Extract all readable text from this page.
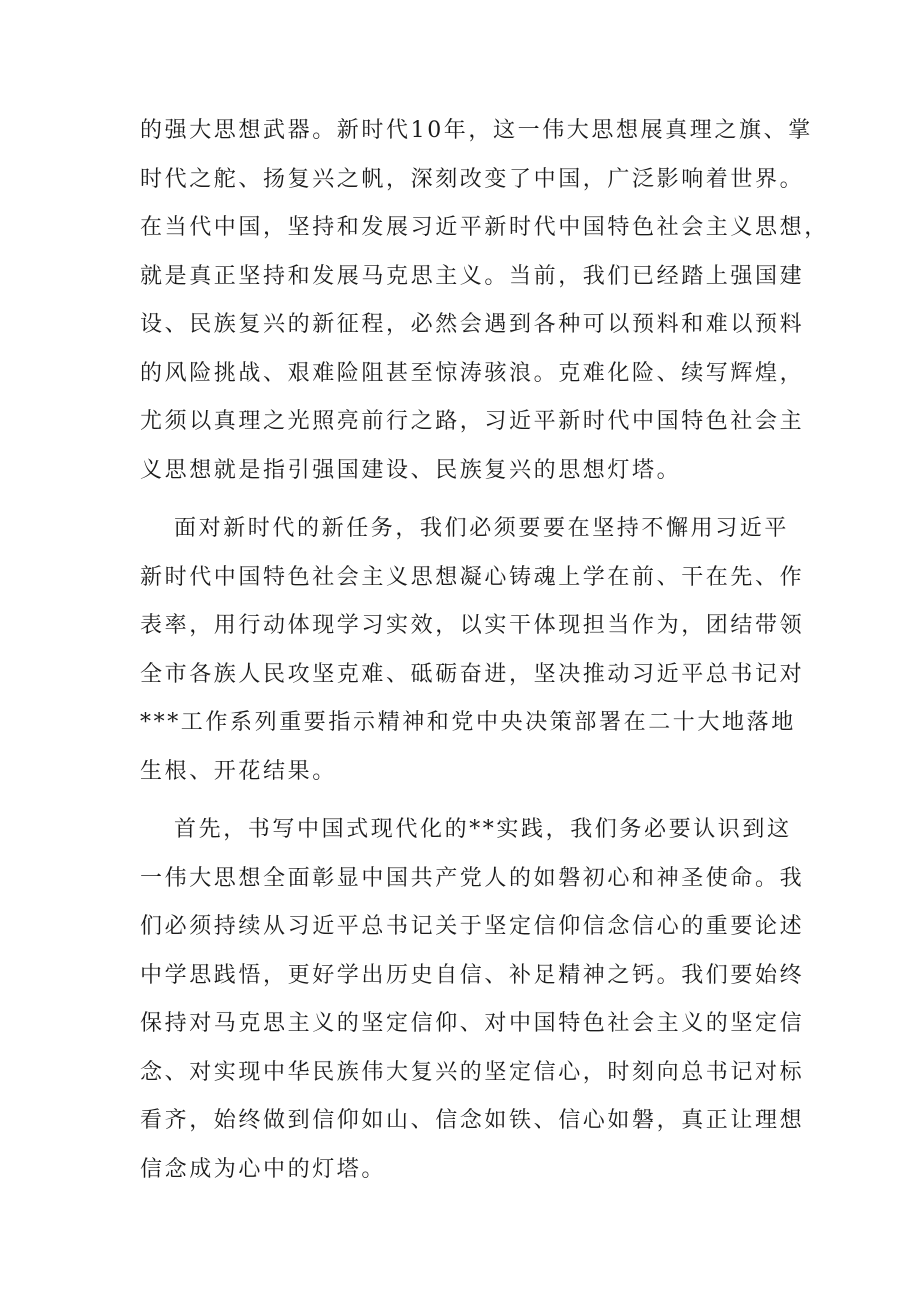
的强大思想武器。新时代10年，这一伟大思想展真理之旗、掌
时代之舵、扬复兴之帆，深刻改变了中国，广泛影响着世界。
在当代中国，坚持和发展习近平新时代中国特色社会主义思想，
就是真正坚持和发展马克思主义。当前，我们已经踏上强国建
设、民族复兴的新征程，必然会遇到各种可以预料和难以预料
的风险挑战、艰难险阻甚至惊涛骇浪。克难化险、续写辉煌，
尤须以真理之光照亮前行之路，习近平新时代中国特色社会主
义思想就是指引强国建设、民族复兴的思想灯塔。
面对新时代的新任务，我们必须要要在坚持不懈用习近平
新时代中国特色社会主义思想凝心铸魂上学在前、干在先、作
表率，用行动体现学习实效，以实干体现担当作为，团结带领
全市各族人民攻坚克难、砥砺奋进，坚决推动习近平总书记对
***工作系列重要指示精神和党中央决策部署在二十大地落地
生根、开花结果。
首先，书写中国式现代化的**实践，我们务必要认识到这
一伟大思想全面彰显中国共产党人的如磐初心和神圣使命。我
们必须持续从习近平总书记关于坚定信仰信念信心的重要论述
中学思践悟，更好学出历史自信、补足精神之钙。我们要始终
保持对马克思主义的坚定信仰、对中国特色社会主义的坚定信
念、对实现中华民族伟大复兴的坚定信心，时刻向总书记对标
看齐，始终做到信仰如山、信念如铁、信心如磐，真正让理想
信念成为心中的灯塔。
